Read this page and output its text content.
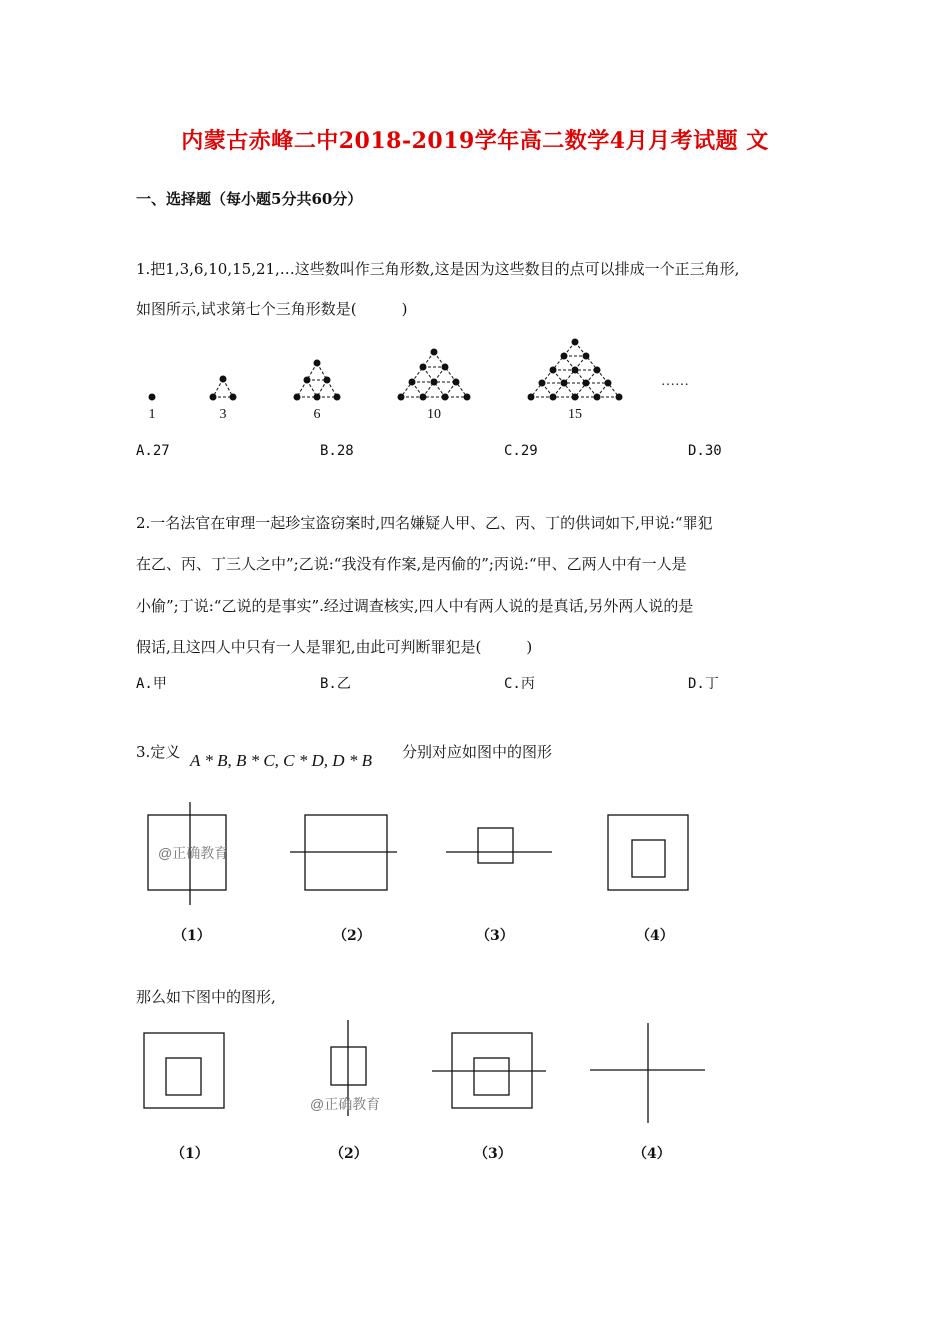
内蒙古赤峰二中2018-2019学年高二数学4月月考试题 文
一、选择题（每小题5分共60分）
1.把1,3,6,10,15,21,…这些数叫作三角形数,这是因为这些数目的点可以排成一个正三角形,
如图所示,试求第七个三角形数是(　　　)
1	3	6	10	15
……
A.27	B.28	C.29	D.30
2.一名法官在审理一起珍宝盗窃案时,四名嫌疑人甲、乙、丙、丁的供词如下,甲说:“罪犯
在乙、丙、丁三人之中”;乙说:“我没有作案,是丙偷的”;丙说:“甲、乙两人中有一人是
小偷”;丁说:“乙说的是事实”.经过调查核实,四人中有两人说的是真话,另外两人说的是
假话,且这四人中只有一人是罪犯,由此可判断罪犯是(　　　)
A.甲	B.乙	C.丙	D.丁
3.定义 A * B, B * C, C * D, D * B 分别对应如图中的图形
@正确教育
（1）	（2）	（3）	（4）
那么如下图中的图形,
@正确教育
（1）	（2）	（3）	（4）
